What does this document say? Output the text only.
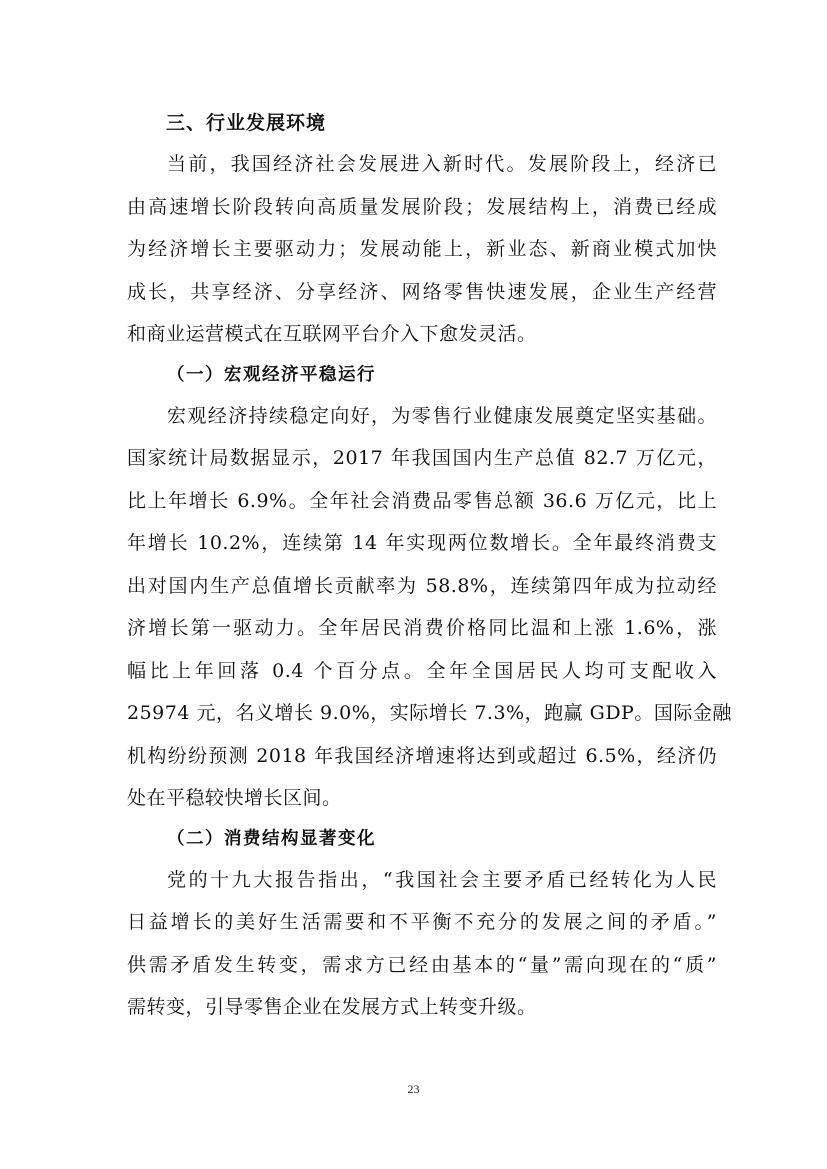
三、行业发展环境
当前，我国经济社会发展进入新时代。发展阶段上，经济已
由高速增长阶段转向高质量发展阶段；发展结构上，消费已经成
为经济增长主要驱动力；发展动能上，新业态、新商业模式加快
成长，共享经济、分享经济、网络零售快速发展，企业生产经营
和商业运营模式在互联网平台介入下愈发灵活。
（一）宏观经济平稳运行
宏观经济持续稳定向好，为零售行业健康发展奠定坚实基础。
国家统计局数据显示，2017 年我国国内生产总值 82.7 万亿元，
比上年增长 6.9%。全年社会消费品零售总额 36.6 万亿元，比上
年增长 10.2%，连续第 14 年实现两位数增长。全年最终消费支
出对国内生产总值增长贡献率为 58.8%，连续第四年成为拉动经
济增长第一驱动力。全年居民消费价格同比温和上涨 1.6%，涨
幅比上年回落 0.4 个百分点。全年全国居民人均可支配收入
25974 元，名义增长 9.0%，实际增长 7.3%，跑赢 GDP。国际金融
机构纷纷预测 2018 年我国经济增速将达到或超过 6.5%，经济仍
处在平稳较快增长区间。
（二）消费结构显著变化
党的十九大报告指出，“我国社会主要矛盾已经转化为人民
日益增长的美好生活需要和不平衡不充分的发展之间的矛盾。”
供需矛盾发生转变，需求方已经由基本的“量”需向现在的“质”
需转变，引导零售企业在发展方式上转变升级。
23
